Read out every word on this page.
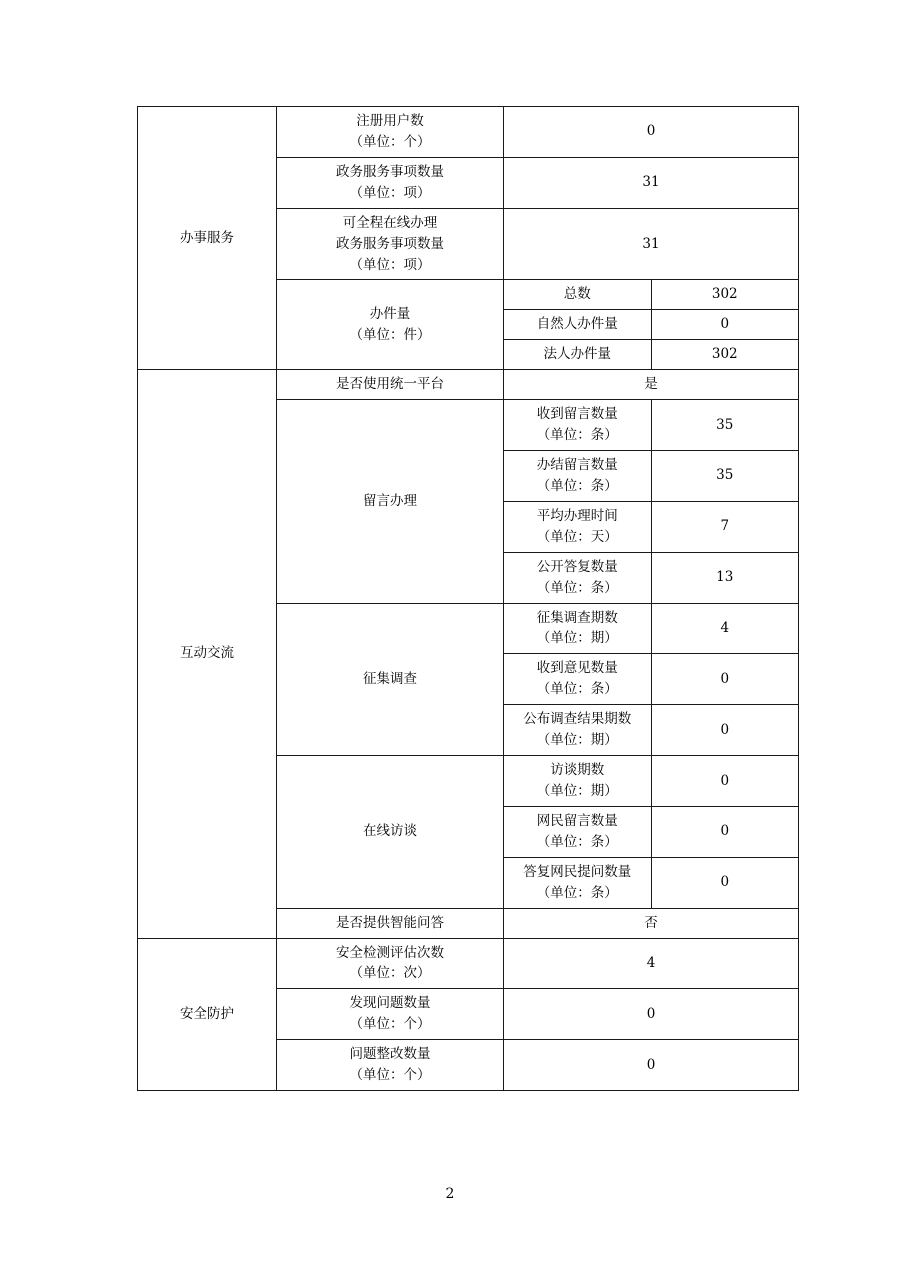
办事服务	注册用户数
（单位：个）	0	

	政务服务事项数量
（单位：项）	31	

	可全程在线办理
政务服务事项数量
（单位：项）	31	

	办件量
（单位：件）	总数	302

		自然人办件量	0

		法人办件量	302

互动交流	是否使用统一平台	是	

	留言办理	收到留言数量
（单位：条）	35

		办结留言数量
（单位：条）	35

		平均办理时间
（单位：天）	7

		公开答复数量
（单位：条）	13

	征集调查	征集调查期数
（单位：期）	4

		收到意见数量
（单位：条）	0

		公布调查结果期数
（单位：期）	0

	在线访谈	访谈期数
（单位：期）	0

		网民留言数量
（单位：条）	0

		答复网民提问数量
（单位：条）	0

	是否提供智能问答	否	

安全防护	安全检测评估次数
（单位：次）	4	

	发现问题数量
（单位：个）	0	

	问题整改数量
（单位：个）	0	
2
